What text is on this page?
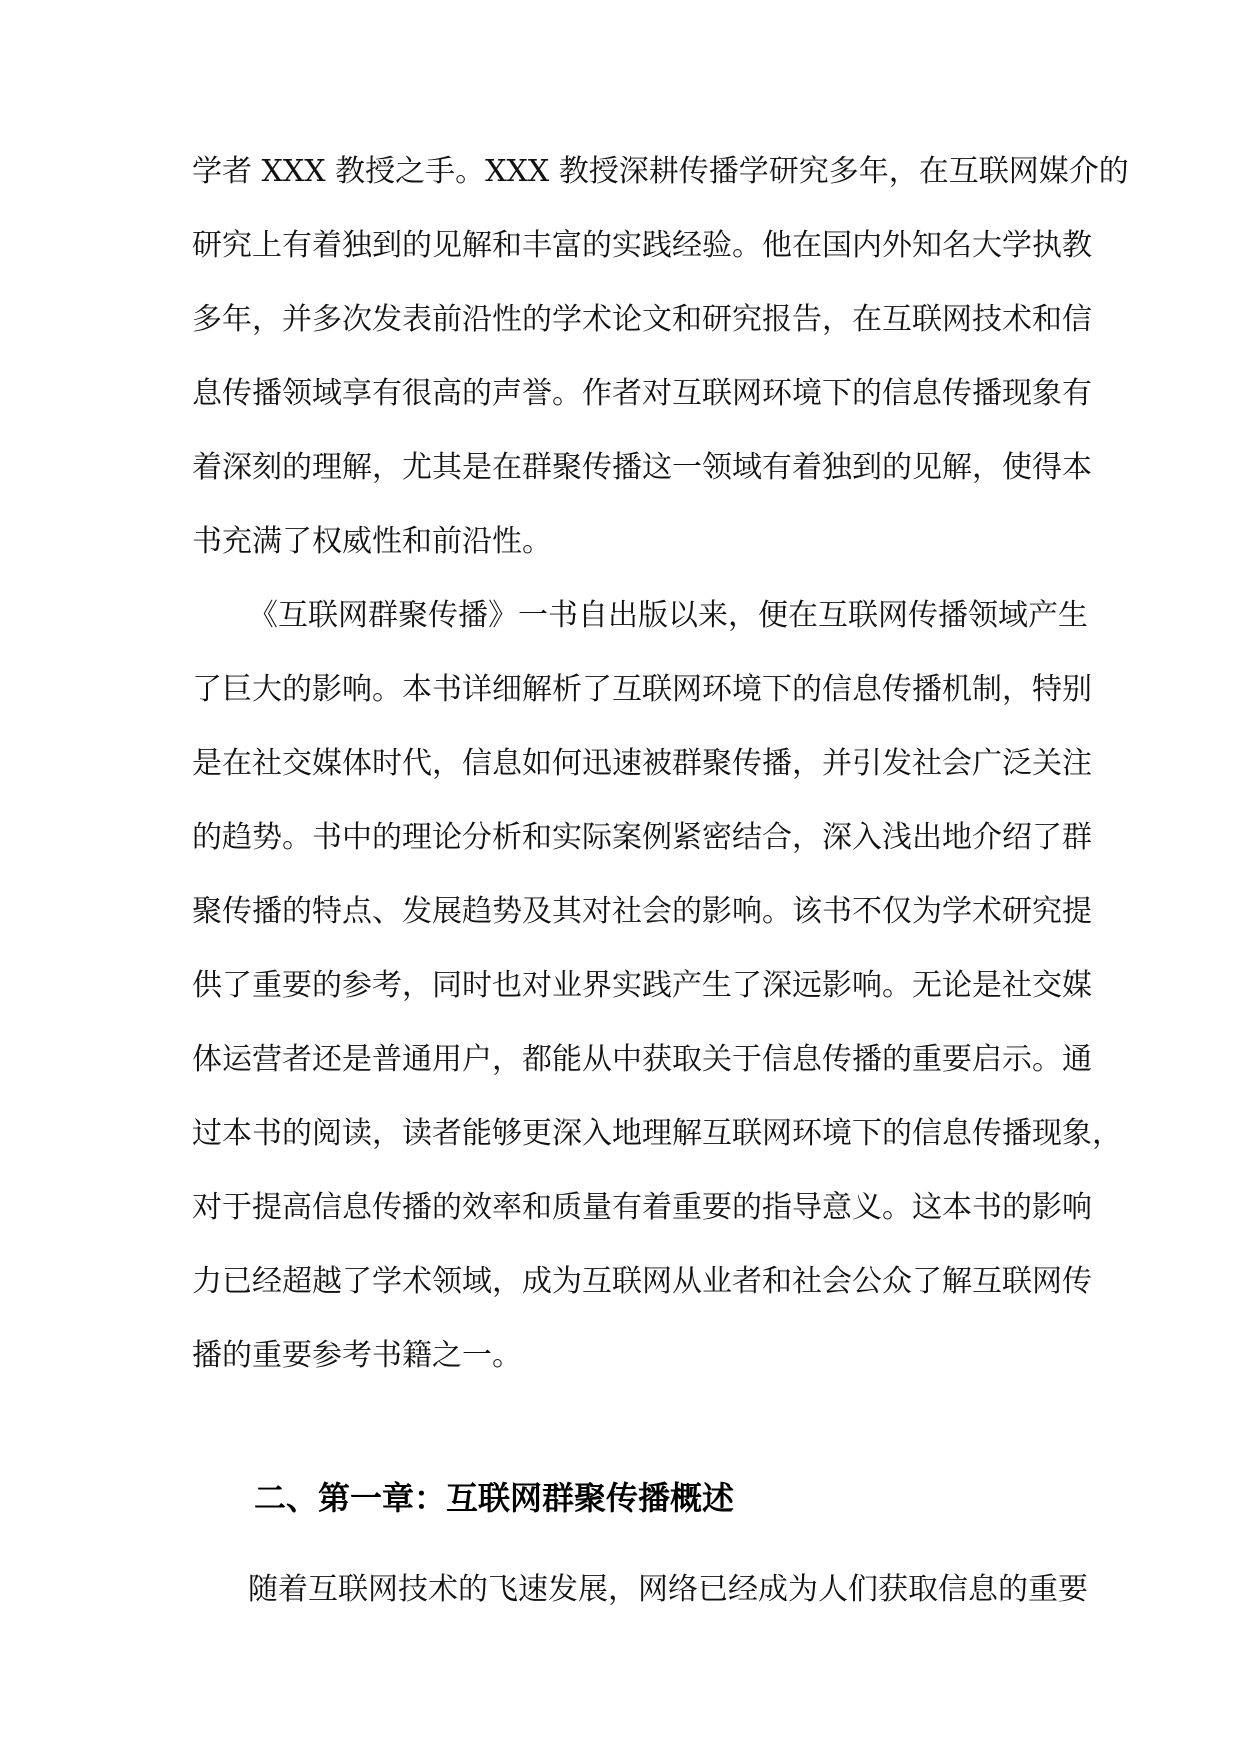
学者 XXX 教授之手。XXX 教授深耕传播学研究多年，在互联网媒介的
研究上有着独到的见解和丰富的实践经验。他在国内外知名大学执教
多年，并多次发表前沿性的学术论文和研究报告，在互联网技术和信
息传播领域享有很高的声誉。作者对互联网环境下的信息传播现象有
着深刻的理解，尤其是在群聚传播这一领域有着独到的见解，使得本
书充满了权威性和前沿性。
《互联网群聚传播》一书自出版以来，便在互联网传播领域产生
了巨大的影响。本书详细解析了互联网环境下的信息传播机制，特别
是在社交媒体时代，信息如何迅速被群聚传播，并引发社会广泛关注
的趋势。书中的理论分析和实际案例紧密结合，深入浅出地介绍了群
聚传播的特点、发展趋势及其对社会的影响。该书不仅为学术研究提
供了重要的参考，同时也对业界实践产生了深远影响。无论是社交媒
体运营者还是普通用户，都能从中获取关于信息传播的重要启示。通
过本书的阅读，读者能够更深入地理解互联网环境下的信息传播现象，
对于提高信息传播的效率和质量有着重要的指导意义。这本书的影响
力已经超越了学术领域，成为互联网从业者和社会公众了解互联网传
播的重要参考书籍之一。
二、第一章：互联网群聚传播概述
随着互联网技术的飞速发展，网络已经成为人们获取信息的重要
